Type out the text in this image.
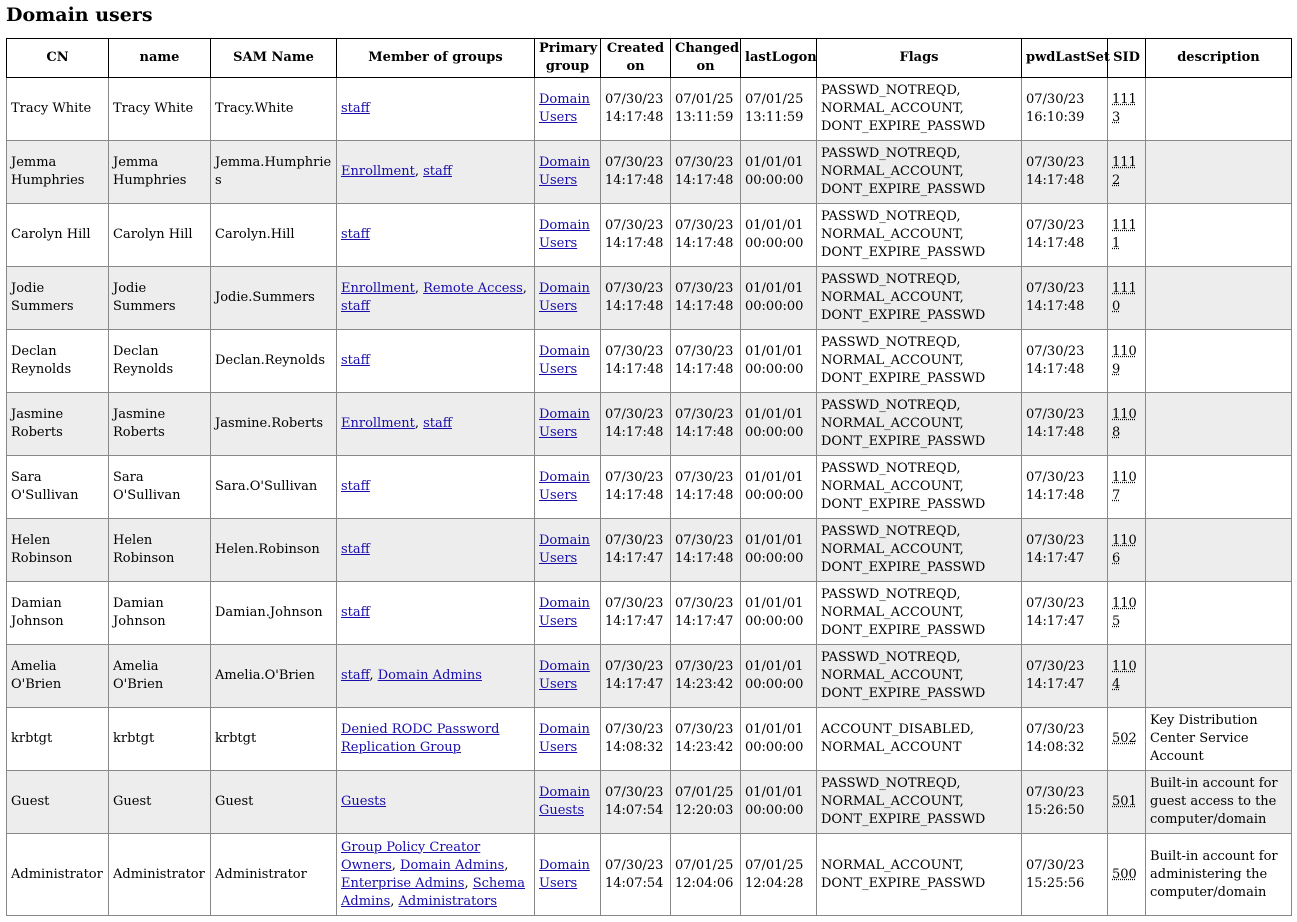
Domain users
CN	name	SAM Name	Member of groups	Primary group	Created on	Changed on	lastLogon	Flags	pwdLastSet	SID	description
Tracy White	Tracy White	Tracy.White	staff	Domain Users	07/30/23 14:17:48	07/01/25 13:11:59	07/01/25 13:11:59	PASSWD_NOTREQD, NORMAL_ACCOUNT, DONT_EXPIRE_PASSWD	07/30/23 16:10:39	1113	
Jemma Humphries	Jemma Humphries	Jemma.Humphries	Enrollment, staff	Domain Users	07/30/23 14:17:48	07/30/23 14:17:48	01/01/01 00:00:00	PASSWD_NOTREQD, NORMAL_ACCOUNT, DONT_EXPIRE_PASSWD	07/30/23 14:17:48	1112	
Carolyn Hill	Carolyn Hill	Carolyn.Hill	staff	Domain Users	07/30/23 14:17:48	07/30/23 14:17:48	01/01/01 00:00:00	PASSWD_NOTREQD, NORMAL_ACCOUNT, DONT_EXPIRE_PASSWD	07/30/23 14:17:48	1111	
Jodie Summers	Jodie Summers	Jodie.Summers	Enrollment, Remote Access, staff	Domain Users	07/30/23 14:17:48	07/30/23 14:17:48	01/01/01 00:00:00	PASSWD_NOTREQD, NORMAL_ACCOUNT, DONT_EXPIRE_PASSWD	07/30/23 14:17:48	1110	
Declan Reynolds	Declan Reynolds	Declan.Reynolds	staff	Domain Users	07/30/23 14:17:48	07/30/23 14:17:48	01/01/01 00:00:00	PASSWD_NOTREQD, NORMAL_ACCOUNT, DONT_EXPIRE_PASSWD	07/30/23 14:17:48	1109	
Jasmine Roberts	Jasmine Roberts	Jasmine.Roberts	Enrollment, staff	Domain Users	07/30/23 14:17:48	07/30/23 14:17:48	01/01/01 00:00:00	PASSWD_NOTREQD, NORMAL_ACCOUNT, DONT_EXPIRE_PASSWD	07/30/23 14:17:48	1108	
Sara O'Sullivan	Sara O'Sullivan	Sara.O'Sullivan	staff	Domain Users	07/30/23 14:17:48	07/30/23 14:17:48	01/01/01 00:00:00	PASSWD_NOTREQD, NORMAL_ACCOUNT, DONT_EXPIRE_PASSWD	07/30/23 14:17:48	1107	
Helen Robinson	Helen Robinson	Helen.Robinson	staff	Domain Users	07/30/23 14:17:47	07/30/23 14:17:48	01/01/01 00:00:00	PASSWD_NOTREQD, NORMAL_ACCOUNT, DONT_EXPIRE_PASSWD	07/30/23 14:17:47	1106	
Damian Johnson	Damian Johnson	Damian.Johnson	staff	Domain Users	07/30/23 14:17:47	07/30/23 14:17:47	01/01/01 00:00:00	PASSWD_NOTREQD, NORMAL_ACCOUNT, DONT_EXPIRE_PASSWD	07/30/23 14:17:47	1105	
Amelia O'Brien	Amelia O'Brien	Amelia.O'Brien	staff, Domain Admins	Domain Users	07/30/23 14:17:47	07/30/23 14:23:42	01/01/01 00:00:00	PASSWD_NOTREQD, NORMAL_ACCOUNT, DONT_EXPIRE_PASSWD	07/30/23 14:17:47	1104	
krbtgt	krbtgt	krbtgt	Denied RODC Password Replication Group	Domain Users	07/30/23 14:08:32	07/30/23 14:23:42	01/01/01 00:00:00	ACCOUNT_DISABLED, NORMAL_ACCOUNT	07/30/23 14:08:32	502	Key Distribution Center Service Account
Guest	Guest	Guest	Guests	Domain Guests	07/30/23 14:07:54	07/01/25 12:20:03	01/01/01 00:00:00	PASSWD_NOTREQD, NORMAL_ACCOUNT, DONT_EXPIRE_PASSWD	07/30/23 15:26:50	501	Built-in account for guest access to the computer/domain
Administrator	Administrator	Administrator	Group Policy Creator Owners, Domain Admins, Enterprise Admins, Schema Admins, Administrators	Domain Users	07/30/23 14:07:54	07/01/25 12:04:06	07/01/25 12:04:28	NORMAL_ACCOUNT, DONT_EXPIRE_PASSWD	07/30/23 15:25:56	500	Built-in account for administering the computer/domain
